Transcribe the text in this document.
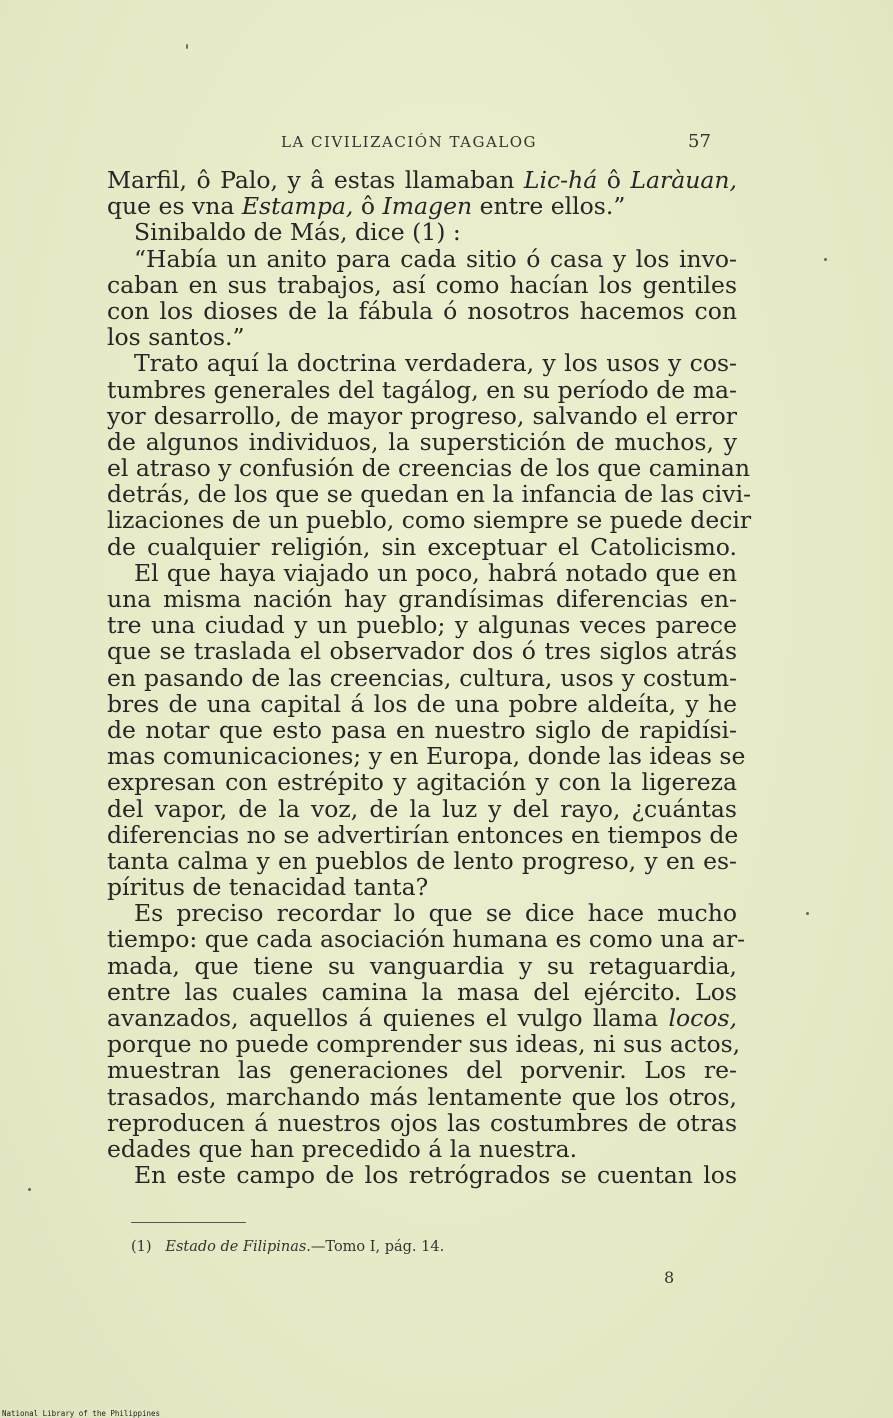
LA CIVILIZACIÓN TAGALOG	57
Marfil, ô Palo, y â estas llamaban Lic-há ô Laràuan,
que es vna Estampa, ô Imagen entre ellos.”
Sinibaldo de Más, dice (1) :
“Había un anito para cada sitio ó casa y los invo-
caban en sus trabajos, así como hacían los gentiles
con los dioses de la fábula ó nosotros hacemos con
los santos.”
Trato aquí la doctrina verdadera, y los usos y cos-
tumbres generales del tagálog, en su período de ma-
yor desarrollo, de mayor progreso, salvando el error
de algunos individuos, la superstición de muchos, y
el atraso y confusión de creencias de los que caminan
detrás, de los que se quedan en la infancia de las civi-
lizaciones de un pueblo, como siempre se puede decir
de cualquier religión, sin exceptuar el Catolicismo.
El que haya viajado un poco, habrá notado que en
una misma nación hay grandísimas diferencias en-
tre una ciudad y un pueblo; y algunas veces parece
que se traslada el observador dos ó tres siglos atrás
en pasando de las creencias, cultura, usos y costum-
bres de una capital á los de una pobre aldeíta, y he
de notar que esto pasa en nuestro siglo de rapidísi-
mas comunicaciones; y en Europa, donde las ideas se
expresan con estrépito y agitación y con la ligereza
del vapor, de la voz, de la luz y del rayo, ¿cuántas
diferencias no se advertirían entonces en tiempos de
tanta calma y en pueblos de lento progreso, y en es-
píritus de tenacidad tanta?
Es preciso recordar lo que se dice hace mucho
tiempo: que cada asociación humana es como una ar-
mada, que tiene su vanguardia y su retaguardia,
entre las cuales camina la masa del ejército. Los
avanzados, aquellos á quienes el vulgo llama locos,
porque no puede comprender sus ideas, ni sus actos,
muestran las generaciones del porvenir. Los re-
trasados, marchando más lentamente que los otros,
reproducen á nuestros ojos las costumbres de otras
edades que han precedido á la nuestra.
En este campo de los retrógrados se cuentan los
(1) Estado de Filipinas.—Tomo I, pág. 14.
8
National Library of the Philippines
